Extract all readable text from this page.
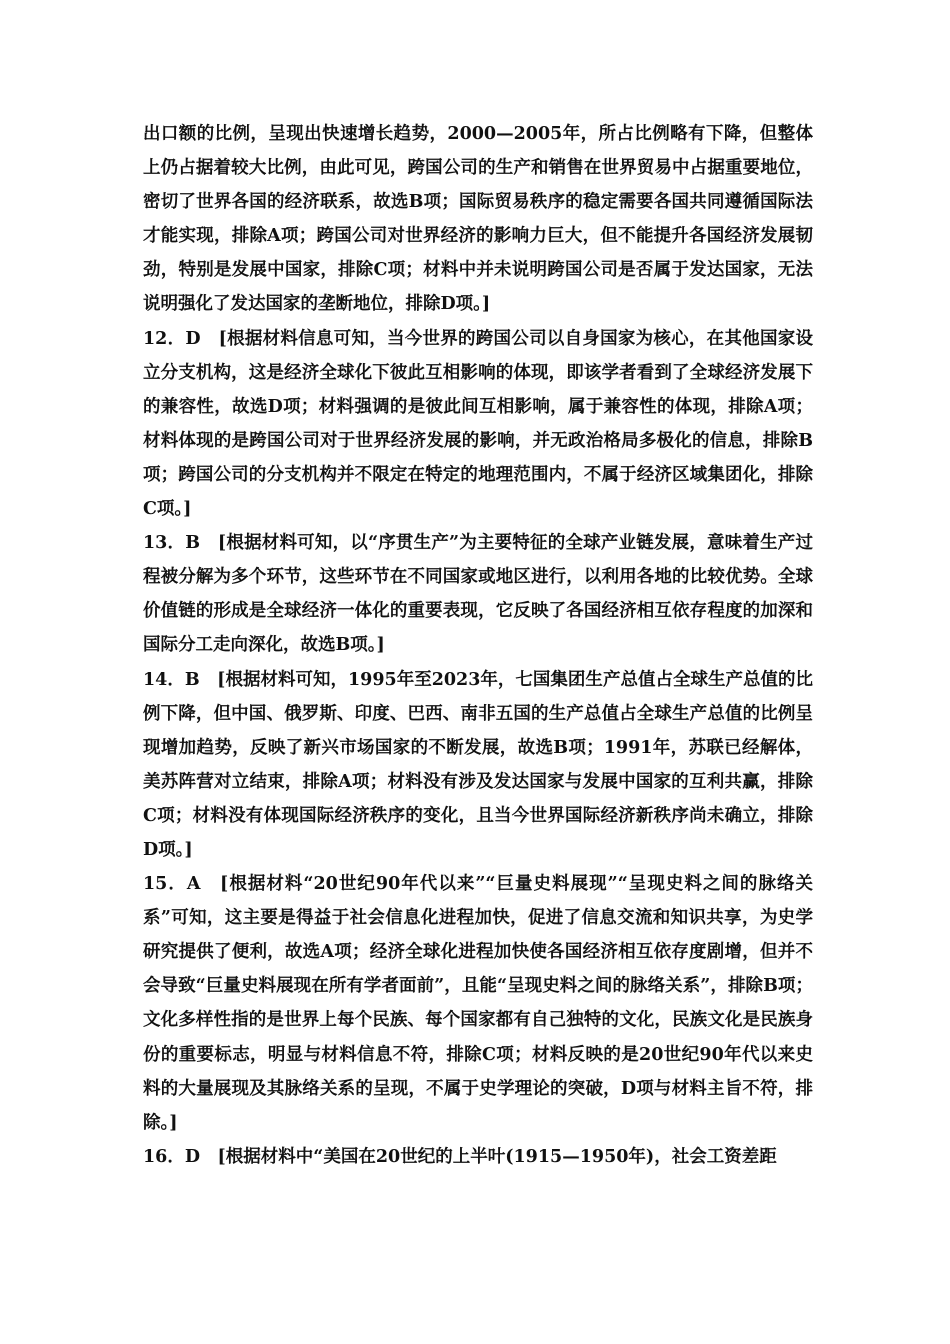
出口额的比例，呈现出快速增长趋势，2000—2005年，所占比例略有下降，但整体上仍占据着较大比例，由此可见，跨国公司的生产和销售在世界贸易中占据重要地位，密切了世界各国的经济联系，故选B项；国际贸易秩序的稳定需要各国共同遵循国际法才能实现，排除A项；跨国公司对世界经济的影响力巨大，但不能提升各国经济发展韧劲，特别是发展中国家，排除C项；材料中并未说明跨国公司是否属于发达国家，无法说明强化了发达国家的垄断地位，排除D项。]

12．D　[根据材料信息可知，当今世界的跨国公司以自身国家为核心，在其他国家设立分支机构，这是经济全球化下彼此互相影响的体现，即该学者看到了全球经济发展下的兼容性，故选D项；材料强调的是彼此间互相影响，属于兼容性的体现，排除A项；材料体现的是跨国公司对于世界经济发展的影响，并无政治格局多极化的信息，排除B项；跨国公司的分支机构并不限定在特定的地理范围内，不属于经济区域集团化，排除C项。]

13．B　[根据材料可知，以“序贯生产”为主要特征的全球产业链发展，意味着生产过程被分解为多个环节，这些环节在不同国家或地区进行，以利用各地的比较优势。全球价值链的形成是全球经济一体化的重要表现，它反映了各国经济相互依存程度的加深和国际分工走向深化，故选B项。]

14．B　[根据材料可知，1995年至2023年，七国集团生产总值占全球生产总值的比例下降，但中国、俄罗斯、印度、巴西、南非五国的生产总值占全球生产总值的比例呈现增加趋势，反映了新兴市场国家的不断发展，故选B项；1991年，苏联已经解体，美苏阵营对立结束，排除A项；材料没有涉及发达国家与发展中国家的互利共赢，排除C项；材料没有体现国际经济秩序的变化，且当今世界国际经济新秩序尚未确立，排除D项。]

15．A　[根据材料“20世纪90年代以来”“巨量史料展现”“呈现史料之间的脉络关系”可知，这主要是得益于社会信息化进程加快，促进了信息交流和知识共享，为史学研究提供了便利，故选A项；经济全球化进程加快使各国经济相互依存度剧增，但并不会导致“巨量史料展现在所有学者面前”，且能“呈现史料之间的脉络关系”，排除B项；文化多样性指的是世界上每个民族、每个国家都有自己独特的文化，民族文化是民族身份的重要标志，明显与材料信息不符，排除C项；材料反映的是20世纪90年代以来史料的大量展现及其脉络关系的呈现，不属于史学理论的突破，D项与材料主旨不符，排除。]

16．D　[根据材料中“美国在20世纪的上半叶(1915—1950年)，社会工资差距
